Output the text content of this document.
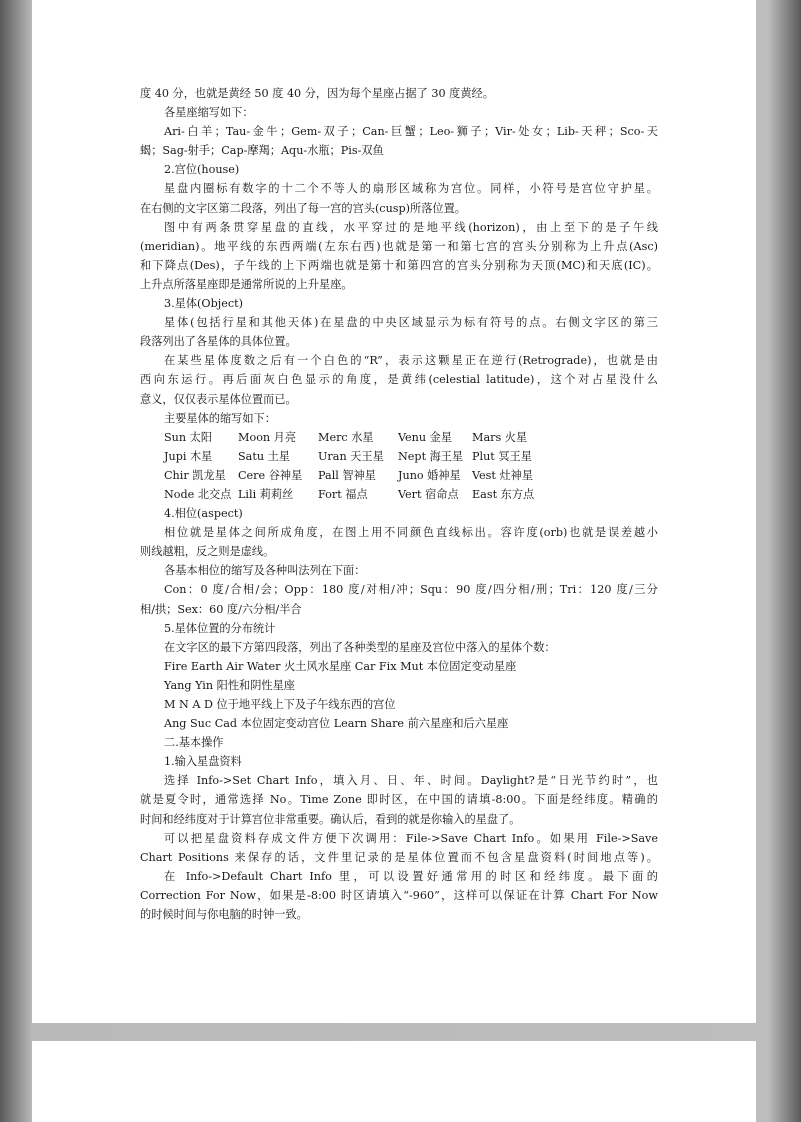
度 40 分，也就是黄经 50 度 40 分，因为每个星座占据了 30 度黄经。

各星座缩写如下：

Ari-白羊；Tau-金牛；Gem-双子；Can-巨蟹；Leo-狮子；Vir-处女；Lib-天秤；Sco-天

蝎；Sag-射手；Cap-摩羯；Aqu-水瓶；Pis-双鱼

2.宫位(house)

星盘内圈标有数字的十二个不等人的扇形区域称为宫位。同样，小符号是宫位守护星。

在右侧的文字区第二段落，列出了每一宫的宫头(cusp)所落位置。

图中有两条贯穿星盘的直线，水平穿过的是地平线(horizon)，由上至下的是子午线

(meridian)。地平线的东西两端(左东右西)也就是第一和第七宫的宫头分别称为上升点(Asc)

和下降点(Des)，子午线的上下两端也就是第十和第四宫的宫头分别称为天顶(MC)和天底(IC)。

上升点所落星座即是通常所说的上升星座。

3.星体(Object)

星体(包括行星和其他天体)在星盘的中央区域显示为标有符号的点。右侧文字区的第三

段落列出了各星体的具体位置。

在某些星体度数之后有一个白色的“R”，表示这颗星正在逆行(Retrograde)，也就是由

西向东运行。再后面灰白色显示的角度，是黄纬(celestial latitude)，这个对占星没什么

意义，仅仅表示星体位置而已。

主要星体的缩写如下：

Sun 太阳 Moon 月亮 Merc 水星 Venu 金星 Mars 火星

Jupi 木星 Satu 土星	Uran 天王星 Nept 海王星 Plut 冥王星

Chir 凯龙星 Cere 谷神星 Pall 智神星 Juno 婚神星 Vest 灶神星

Node 北交点 Lili 莉莉丝 Fort 福点	Vert 宿命点 East 东方点

4.相位(aspect)

相位就是星体之间所成角度，在图上用不同颜色直线标出。容许度(orb)也就是误差越小

则线越粗，反之则是虚线。

各基本相位的缩写及各种叫法列在下面：

Con：0 度/合相/会；Opp：180 度/对相/冲；Squ：90 度/四分相/刑；Tri：120 度/三分

相/拱；Sex：60 度/六分相/半合

5.星体位置的分布统计

在文字区的最下方第四段落，列出了各种类型的星座及宫位中落入的星体个数：

Fire Earth Air Water 火土风水星座 Car Fix Mut 本位固定变动星座

Yang Yin 阳性和阴性星座

M N A D 位于地平线上下及子午线东西的宫位

Ang Suc Cad 本位固定变动宫位 Learn Share 前六星座和后六星座

二.基本操作

1.输入星盘资料

选择 Info->Set Chart Info，填入月、日、年、时间。Daylight?是“日光节约时”，也

就是夏令时，通常选择 No。Time Zone 即时区，在中国的请填-8:00。下面是经纬度。精确的

时间和经纬度对于计算宫位非常重要。确认后，看到的就是你输入的星盘了。

可以把星盘资料存成文件方便下次调用：File->Save Chart Info。如果用 File->Save

Chart Positions 来保存的话，文件里记录的是星体位置而不包含星盘资料(时间地点等)。

在 Info->Default Chart Info 里，可以设置好通常用的时区和经纬度。最下面的

Correction For Now，如果是-8:00 时区请填入“-960”，这样可以保证在计算 Chart For Now

的时候时间与你电脑的时钟一致。
